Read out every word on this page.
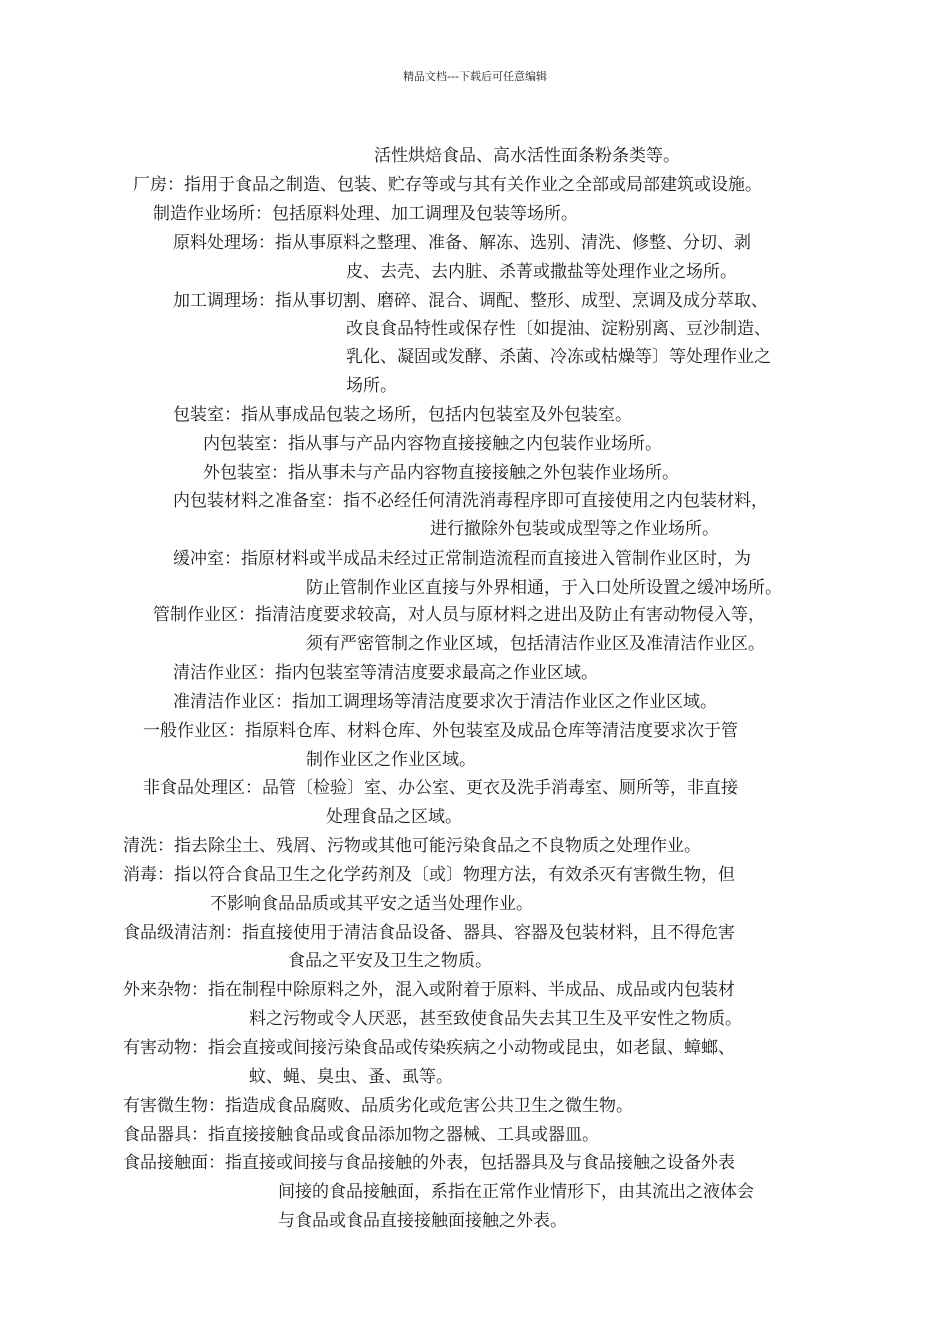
精品文档---下载后可任意编辑
活性烘焙食品、高水活性面条粉条类等。
厂房：指用于食品之制造、包装、贮存等或与其有关作业之全部或局部建筑或设施。
制造作业场所：包括原料处理、加工调理及包装等场所。
原料处理场：指从事原料之整理、准备、解冻、选别、清洗、修整、分切、剥
皮、去壳、去内脏、杀菁或撒盐等处理作业之场所。
加工调理场：指从事切割、磨碎、混合、调配、整形、成型、烹调及成分萃取、
改良食品特性或保存性〔如提油、淀粉别离、豆沙制造、
乳化、凝固或发酵、杀菌、冷冻或枯燥等〕等处理作业之
场所。
包装室：指从事成品包装之场所，包括内包装室及外包装室。
内包装室：指从事与产品内容物直接接触之内包装作业场所。
外包装室：指从事未与产品内容物直接接触之外包装作业场所。
内包装材料之准备室：指不必经任何清洗消毒程序即可直接使用之内包装材料，
进行撤除外包装或成型等之作业场所。
缓冲室：指原材料或半成品未经过正常制造流程而直接进入管制作业区时，为
防止管制作业区直接与外界相通，于入口处所设置之缓冲场所。
管制作业区：指清洁度要求较高，对人员与原材料之进出及防止有害动物侵入等，
须有严密管制之作业区域，包括清洁作业区及准清洁作业区。
清洁作业区：指内包装室等清洁度要求最高之作业区域。
准清洁作业区：指加工调理场等清洁度要求次于清洁作业区之作业区域。
一般作业区：指原料仓库、材料仓库、外包装室及成品仓库等清洁度要求次于管
制作业区之作业区域。
非食品处理区：品管〔检验〕室、办公室、更衣及洗手消毒室、厕所等，非直接
处理食品之区域。
清洗：指去除尘土、残屑、污物或其他可能污染食品之不良物质之处理作业。
消毒：指以符合食品卫生之化学药剂及〔或〕物理方法，有效杀灭有害微生物，但
不影响食品品质或其平安之适当处理作业。
食品级清洁剂：指直接使用于清洁食品设备、器具、容器及包装材料，且不得危害
食品之平安及卫生之物质。
外来杂物：指在制程中除原料之外，混入或附着于原料、半成品、成品或内包装材
料之污物或令人厌恶，甚至致使食品失去其卫生及平安性之物质。
有害动物：指会直接或间接污染食品或传染疾病之小动物或昆虫，如老鼠、蟑螂、
蚊、蝇、臭虫、蚤、虱等。
有害微生物：指造成食品腐败、品质劣化或危害公共卫生之微生物。
食品器具：指直接接触食品或食品添加物之器械、工具或器皿。
食品接触面：指直接或间接与食品接触的外表，包括器具及与食品接触之设备外表
间接的食品接触面，系指在正常作业情形下，由其流出之液体会
与食品或食品直接接触面接触之外表。
